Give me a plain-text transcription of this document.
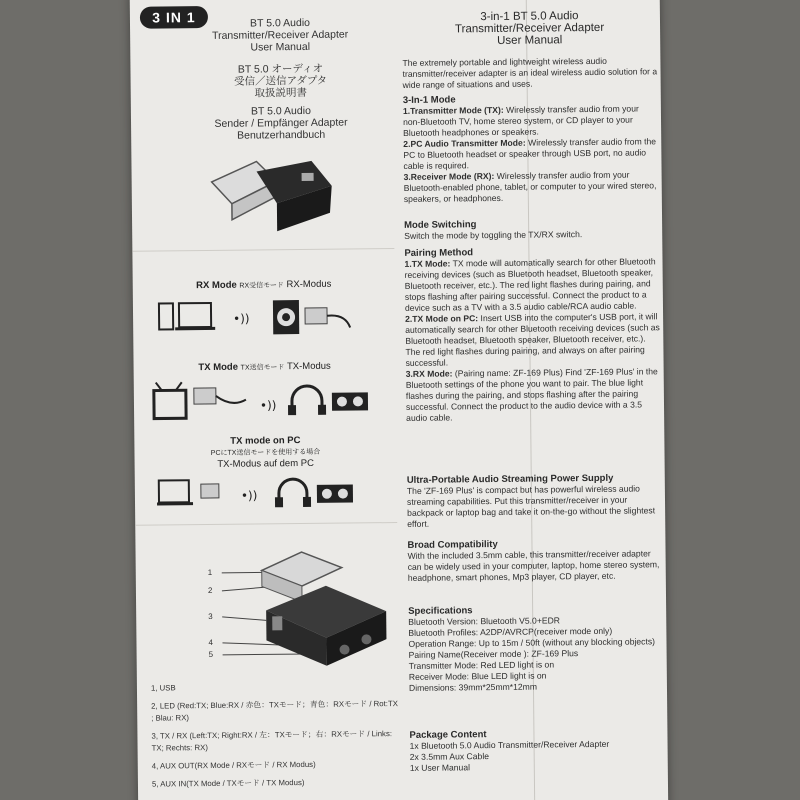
3 IN 1	BT 5.0 Audio
Transmitter/Receiver Adapter
User Manual
BT 5.0 オーディオ
受信／送信アダプタ
取扱説明書
BT 5.0 Audio
Sender / Empfänger Adapter
Benutzerhandbuch
RX Mode RX受信モード RX-Modus
•))
TX Mode TX送信モード TX-Modus
•))
TX mode on PC
PCにTX送信モードを使用する場合
TX-Modus auf dem PC
•))
1
2
3
4
5
1, USB
2, LED (Red:TX; Blue:RX / 赤色：TXモード；青色：RXモード / Rot:TX ; Blau: RX)
3, TX / RX (Left:TX; Right:RX / 左：TXモード；右：RXモード / Links: TX; Rechts: RX)
4, AUX OUT(RX Mode / RXモード / RX Modus)
5, AUX IN(TX Mode / TXモード / TX Modus)
3-in-1 BT 5.0 Audio
Transmitter/Receiver Adapter
User Manual

The extremely portable and lightweight wireless audio transmitter/receiver adapter is an ideal wireless audio solution for a wide range of situations and uses.

3-In-1 Mode

1.Transmitter Mode (TX): Wirelessly transfer audio from your non-Bluetooth TV, home stereo system, or CD player to your Bluetooth headphones or speakers.

2.PC Audio Transmitter Mode: Wirelessly transfer audio from the PC to Bluetooth headset or speaker through USB port, no audio cable is required.

3.Receiver Mode (RX): Wirelessly transfer audio from your Bluetooth-enabled phone, tablet, or computer to your wired stereo, speakers, or headphones.

Mode Switching

Switch the mode by toggling the TX/RX switch.

Pairing Method

1.TX Mode: TX mode will automatically search for other Bluetooth receiving devices (such as Bluetooth headset, Bluetooth speaker, Bluetooth receiver, etc.). The red light flashes during pairing, and stops flashing after pairing successful. Connect the product to a device such as a TV with a 3.5 audio cable/RCA audio cable.

2.TX Mode on PC: Insert USB into the computer's USB port, it will automatically search for other Bluetooth receiving devices (such as Bluetooth headset, Bluetooth speaker, Bluetooth receiver, etc.). The red light flashes during pairing, and always on after pairing successful.

3.RX Mode: (Pairing name: ZF-169 Plus) Find 'ZF-169 Plus' in the Bluetooth settings of the phone you want to pair. The blue light flashes during the pairing, and stops flashing after the pairing successful. Connect the product to the audio device with a 3.5 audio cable.

Ultra-Portable Audio Streaming Power Supply

The 'ZF-169 Plus' is compact but has powerful wireless audio streaming capabilities. Put this transmitter/receiver in your backpack or laptop bag and take it on-the-go without the slightest effort.

Broad Compatibility

With the included 3.5mm cable, this transmitter/receiver adapter can be widely used in your computer, laptop, home stereo system, headphone, smart phones, Mp3 player, CD player, etc.

Specifications

Bluetooth Version: Bluetooth V5.0+EDR

Bluetooth Profiles: A2DP/AVRCP(receiver mode only)

Operation Range: Up to 15m / 50ft (without any blocking objects)

Pairing Name(Receiver mode ): ZF-169 Plus

Transmitter Mode: Red LED light is on

Receiver Mode: Blue LED light is on

Dimensions: 39mm*25mm*12mm

Package Content

1x Bluetooth 5.0 Audio Transmitter/Receiver Adapter

2x 3.5mm Aux Cable

1x User Manual
